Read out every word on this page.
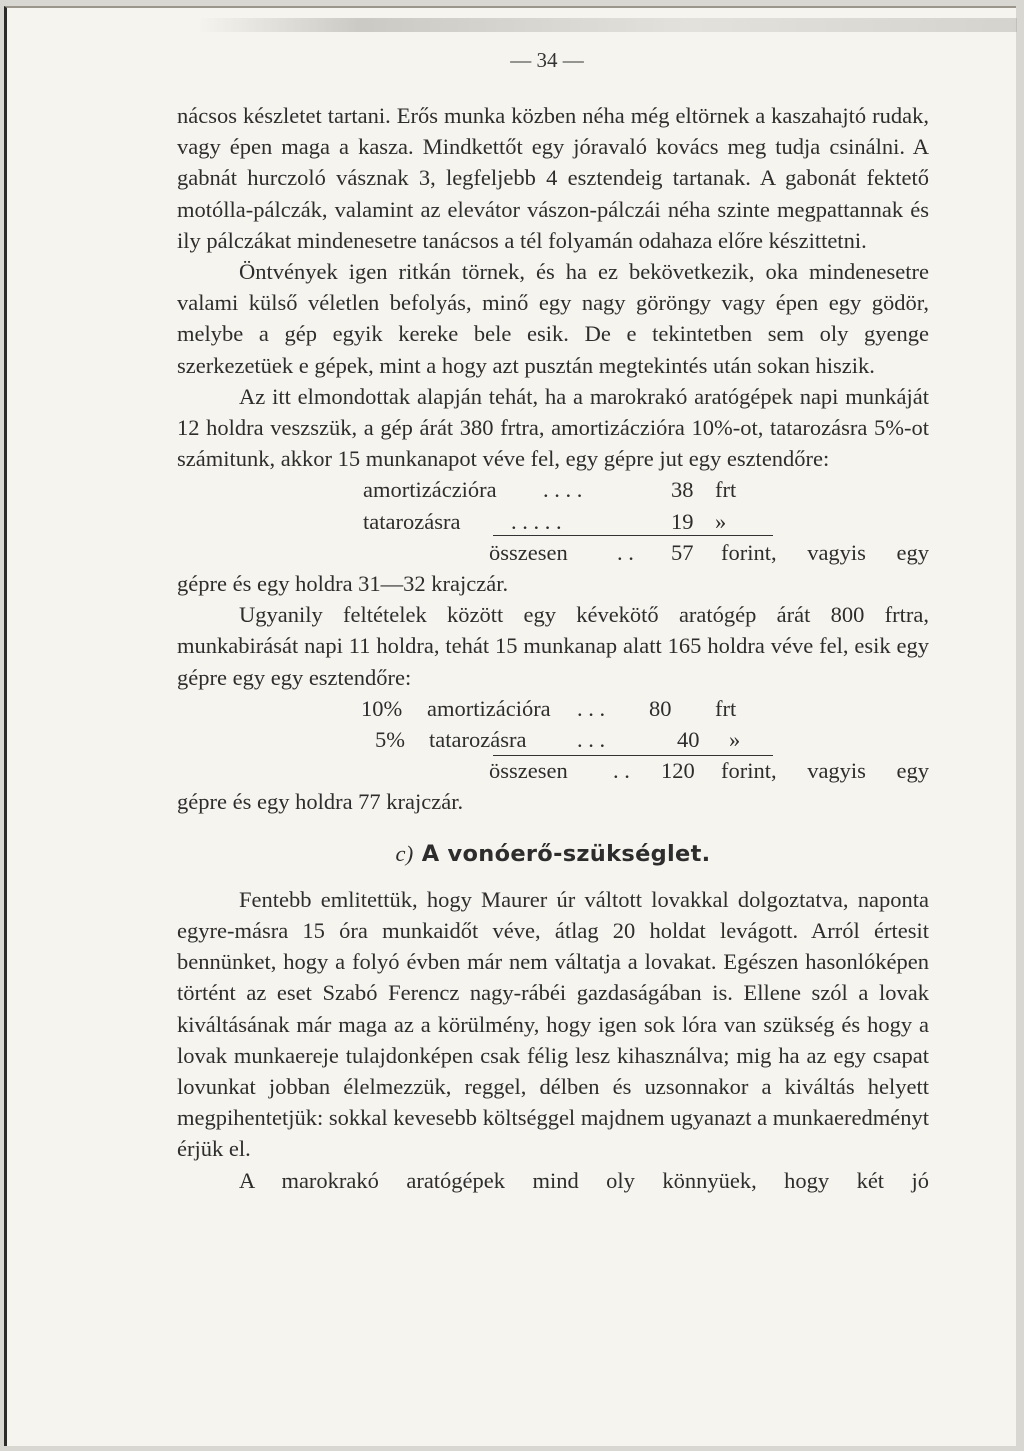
— 34 —

nácsos készletet tartani. Erős munka közben néha még eltörnek a kaszahajtó rudak, vagy épen maga a kasza. Mindkettőt egy jóravaló kovács meg tudja csinálni. A gabnát hurczoló vásznak 3, legfeljebb 4 esztendeig tartanak. A gabonát fektető motólla-pálczák, valamint az elevátor vászon-pálczái néha szinte megpattannak és ily pálczákat mindenesetre tanácsos a tél folyamán odahaza előre készittetni.

Öntvények igen ritkán törnek, és ha ez bekövetkezik, oka mindenesetre valami külső véletlen befolyás, minő egy nagy göröngy vagy épen egy gödör, melybe a gép egyik kereke bele esik. De e tekintetben sem oly gyenge szerkezetüek e gépek, mint a hogy azt pusztán megtekintés után sokan hiszik.

Az itt elmondottak alapján tehát, ha a marokrakó aratógépek napi munkáját 12 holdra veszszük, a gép árát 380 frtra, amortizáczióra 10%-ot, tatarozásra 5%-ot számitunk, akkor 15 munkanapot véve fel, egy gépre jut egy esztendőre:

amortizáczióra . . . .	38 frt
tatarozásra . . . . .	19 »
összesen . . 57 forint, vagyis egy

gépre és egy holdra 31—32 krajczár.

Ugyanily feltételek között egy kévekötő aratógép árát 800 frtra, munkabirását napi 11 holdra, tehát 15 munkanap alatt 165 holdra véve fel, esik egy gépre egy egy esztendőre:

10% amortizációra . . . 80 frt
5% tatarozásra . . .	40 »
összesen . . 120 forint, vagyis egy

gépre és egy holdra 77 krajczár.

c) A vonóerő-szükséglet.

Fentebb emlitettük, hogy Maurer úr váltott lovakkal dolgoztatva, naponta egyre-másra 15 óra munkaidőt véve, átlag 20 holdat levágott. Arról értesit bennünket, hogy a folyó évben már nem váltatja a lovakat. Egészen hasonlóképen történt az eset Szabó Ferencz nagy-rábéi gazdaságában is. Ellene szól a lovak kiváltásának már maga az a körülmény, hogy igen sok lóra van szükség és hogy a lovak munkaereje tulajdonképen csak félig lesz kihasználva; mig ha az egy csapat lovunkat jobban élelmezzük, reggel, délben és uzsonnakor a kiváltás helyett megpihentetjük: sokkal kevesebb költséggel majdnem ugyanazt a munkaeredményt érjük el.

A marokrakó aratógépek mind oly könnyüek, hogy két jó
